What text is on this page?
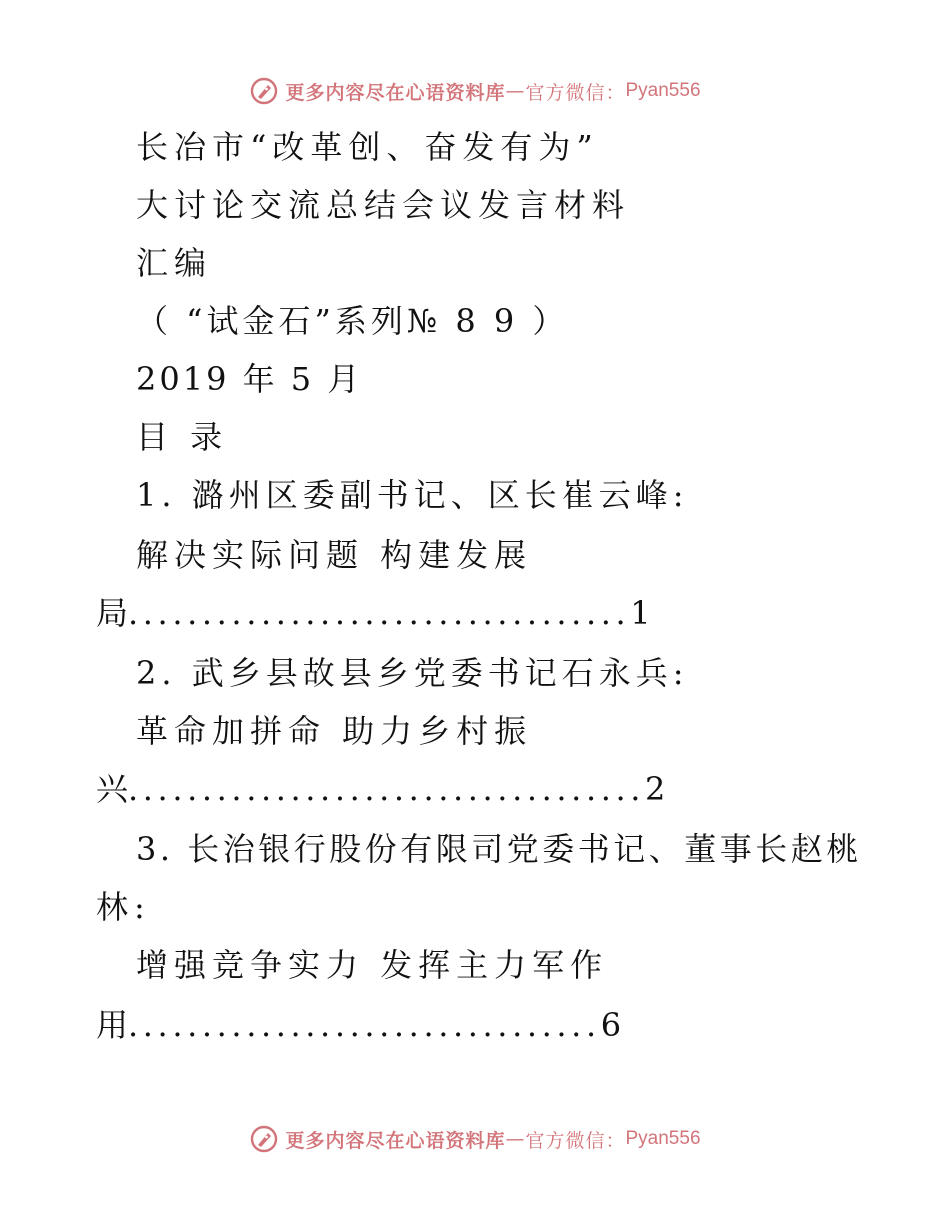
更多内容尽在心语资料库 — 官方微信： Pyan556
长冶市“改革创、奋发有为”
大讨论交流总结会议发言材料
汇编
（ “试金石”系列№ 8 9 ）
2019 年 5 月
目 录
1. 潞州区委副书记、区长崔云峰:
解决实际问题 构建发展
局 .................................. 1
2. 武乡县故县乡党委书记石永兵:
革命加拼命 助力乡村振
兴 ................................... 2
3. 长治银行股份有限司党委书记、董事长赵桃
林:
增强竞争实力 发挥主力军作
用 ................................ 6
更多内容尽在心语资料库 — 官方微信： Pyan556
